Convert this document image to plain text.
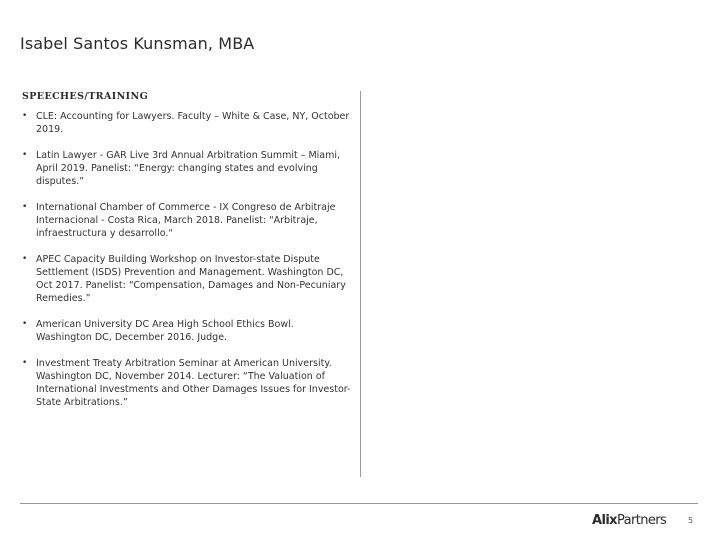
Isabel Santos Kunsman, MBA
SPEECHES/TRAINING
• CLE: Accounting for Lawyers. Faculty – White & Case, NY, October 2019.
• Latin Lawyer - GAR Live 3rd Annual Arbitration Summit – Miami, April 2019. Panelist: “Energy: changing states and evolving disputes.”
• International Chamber of Commerce - IX Congreso de Arbitraje Internacional - Costa Rica, March 2018. Panelist: "Arbitraje, infraestructura y desarrollo."
• APEC Capacity Building Workshop on Investor-state Dispute Settlement (ISDS) Prevention and Management. Washington DC, Oct 2017. Panelist: “Compensation, Damages and Non-Pecuniary Remedies.”
• American University DC Area High School Ethics Bowl. Washington DC, December 2016. Judge.
• Investment Treaty Arbitration Seminar at American University. Washington DC, November 2014. Lecturer: “The Valuation of International Investments and Other Damages Issues for Investor-State Arbitrations.”
AlixPartners	5
